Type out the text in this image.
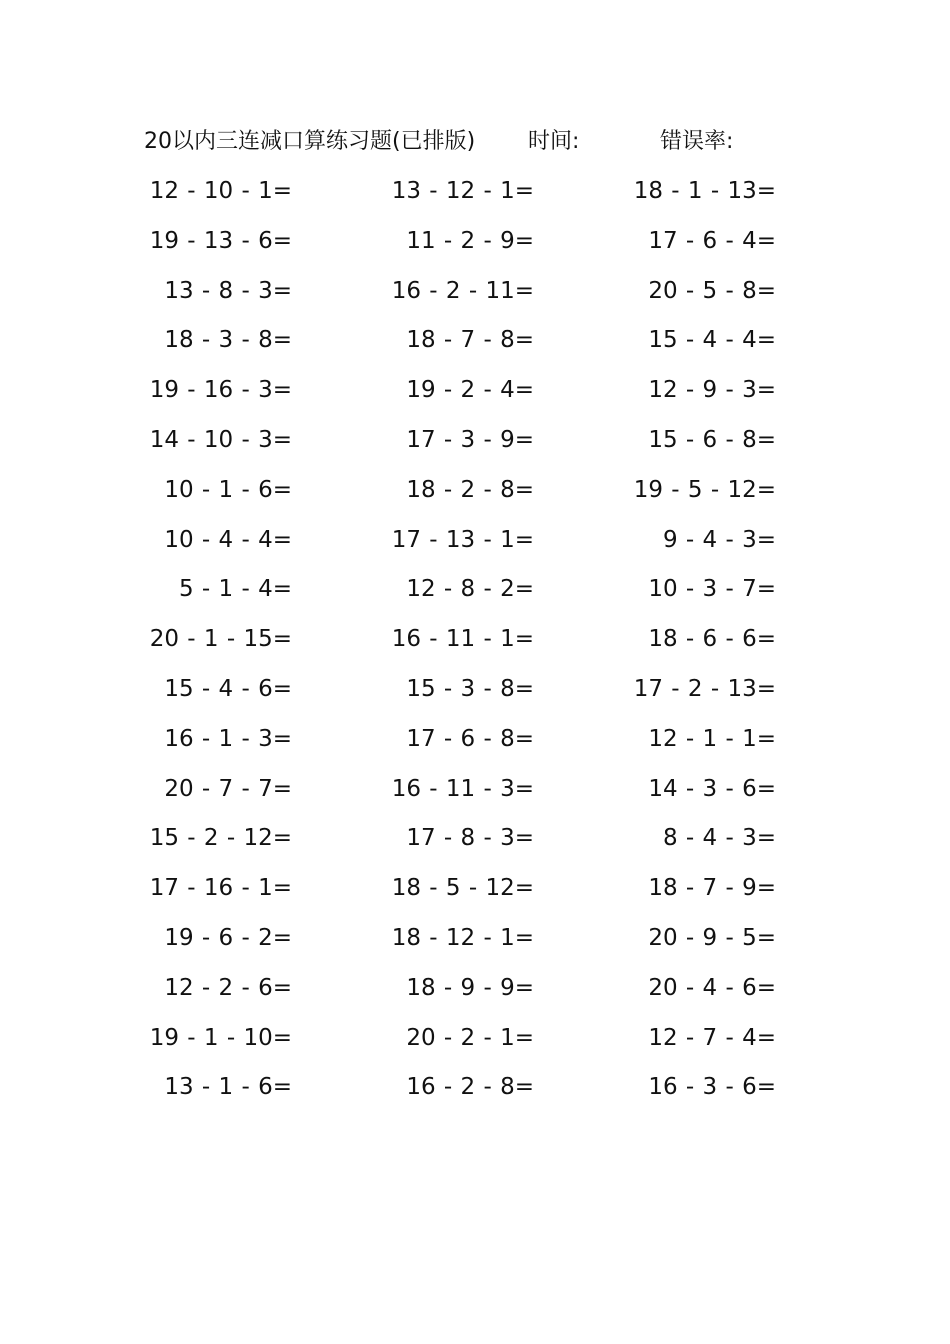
20以内三连减口算练习题(已排版) 时间:	错误率:
12 - 10 - 1=	13 - 12 - 1=	18 - 1 - 13=
19 - 13 - 6=	11 - 2 - 9=	17 - 6 - 4=
13 - 8 - 3=	16 - 2 - 11=	20 - 5 - 8=
18 - 3 - 8=	18 - 7 - 8=	15 - 4 - 4=
19 - 16 - 3=	19 - 2 - 4=	12 - 9 - 3=
14 - 10 - 3=	17 - 3 - 9=	15 - 6 - 8=
10 - 1 - 6=	18 - 2 - 8=	19 - 5 - 12=
10 - 4 - 4=	17 - 13 - 1=	9 - 4 - 3=
5 - 1 - 4=	12 - 8 - 2=	10 - 3 - 7=
20 - 1 - 15=	16 - 11 - 1=	18 - 6 - 6=
15 - 4 - 6=	15 - 3 - 8=	17 - 2 - 13=
16 - 1 - 3=	17 - 6 - 8=	12 - 1 - 1=
20 - 7 - 7=	16 - 11 - 3=	14 - 3 - 6=
15 - 2 - 12=	17 - 8 - 3=	8 - 4 - 3=
17 - 16 - 1=	18 - 5 - 12=	18 - 7 - 9=
19 - 6 - 2=	18 - 12 - 1=	20 - 9 - 5=
12 - 2 - 6=	18 - 9 - 9=	20 - 4 - 6=
19 - 1 - 10=	20 - 2 - 1=	12 - 7 - 4=
13 - 1 - 6=	16 - 2 - 8=	16 - 3 - 6=
